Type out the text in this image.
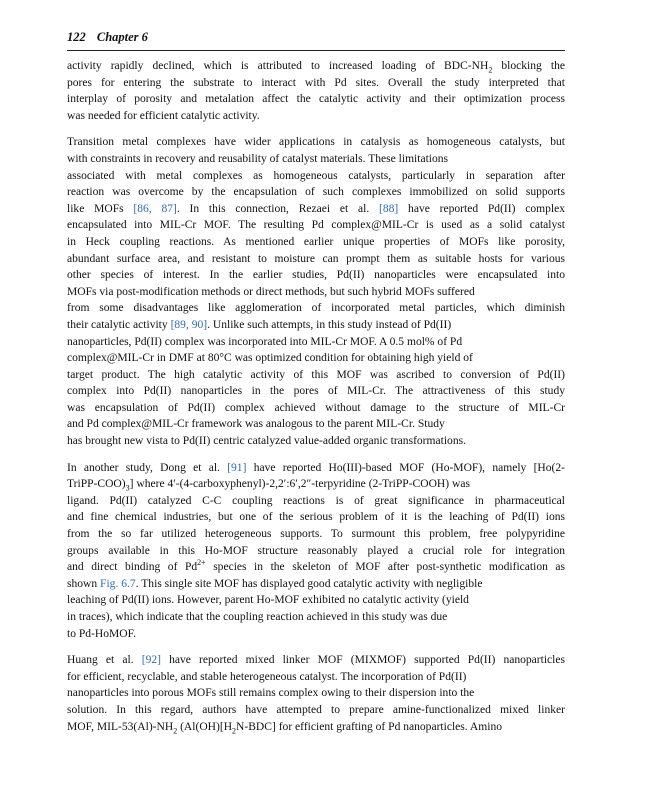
122 Chapter 6
activity rapidly declined, which is attributed to increased loading of BDC-$NH_2$ blocking the
pores for entering the substrate to interact with Pd sites. Overall the study interpreted that
interplay of porosity and metalation affect the catalytic activity and their optimization process
was needed for efficient catalytic activity.
Transition metal complexes have wider applications in catalysis as homogeneous catalysts, but
with constraints in recovery and reusability of catalyst materials. These limitations
associated with metal complexes as homogeneous catalysts, particularly in separation after
reaction was overcome by the encapsulation of such complexes immobilized on solid supports
like MOFs [86, 87]. In this connection, Rezaei et al. [88] have reported Pd(II) complex
encapsulated into MIL-Cr MOF. The resulting Pd complex@MIL-Cr is used as a solid catalyst
in Heck coupling reactions. As mentioned earlier unique properties of MOFs like porosity,
abundant surface area, and resistant to moisture can prompt them as suitable hosts for various
other species of interest. In the earlier studies, Pd(II) nanoparticles were encapsulated into
MOFs via post-modification methods or direct methods, but such hybrid MOFs suffered
from some disadvantages like agglomeration of incorporated metal particles, which diminish
their catalytic activity [89, 90]. Unlike such attempts, in this study instead of Pd(II)
nanoparticles, Pd(II) complex was incorporated into MIL-Cr MOF. A 0.5 mol% of Pd
complex@MIL-Cr in DMF at 80°C was optimized condition for obtaining high yield of
target product. The high catalytic activity of this MOF was ascribed to conversion of Pd(II)
complex into Pd(II) nanoparticles in the pores of MIL-Cr. The attractiveness of this study
was encapsulation of Pd(II) complex achieved without damage to the structure of MIL-Cr
and Pd complex@MIL-Cr framework was analogous to the parent MIL-Cr. Study
has brought new vista to Pd(II) centric catalyzed value-added organic transformations.
In another study, Dong et al. [91] have reported Ho(III)-based MOF (Ho-MOF), namely [Ho(2-
TriPP-$COO)_3$] where 4′-(4-carboxyphenyl)-2,2′:6′,2″-terpyridine (2-TriPP-COOH) was
ligand. Pd(II) catalyzed C-C coupling reactions is of great significance in pharmaceutical
and fine chemical industries, but one of the serious problem of it is the leaching of Pd(II) ions
from the so far utilized heterogeneous supports. To surmount this problem, free polypyridine
groups available in this Ho-MOF structure reasonably played a crucial role for integration
and direct binding of $Pd^{2+}$ species in the skeleton of MOF after post-synthetic modification as
shown Fig. 6.7. This single site MOF has displayed good catalytic activity with negligible
leaching of Pd(II) ions. However, parent Ho-MOF exhibited no catalytic activity (yield
in traces), which indicate that the coupling reaction achieved in this study was due
to Pd-HoMOF.
Huang et al. [92] have reported mixed linker MOF (MIXMOF) supported Pd(II) nanoparticles
for efficient, recyclable, and stable heterogeneous catalyst. The incorporation of Pd(II)
nanoparticles into porous MOFs still remains complex owing to their dispersion into the
solution. In this regard, authors have attempted to prepare amine-functionalized mixed linker
MOF, MIL-$53(Al)-NH_2$ ($Al(OH)[H_2N-BDC]$ for efficient grafting of Pd nanoparticles. Amino
